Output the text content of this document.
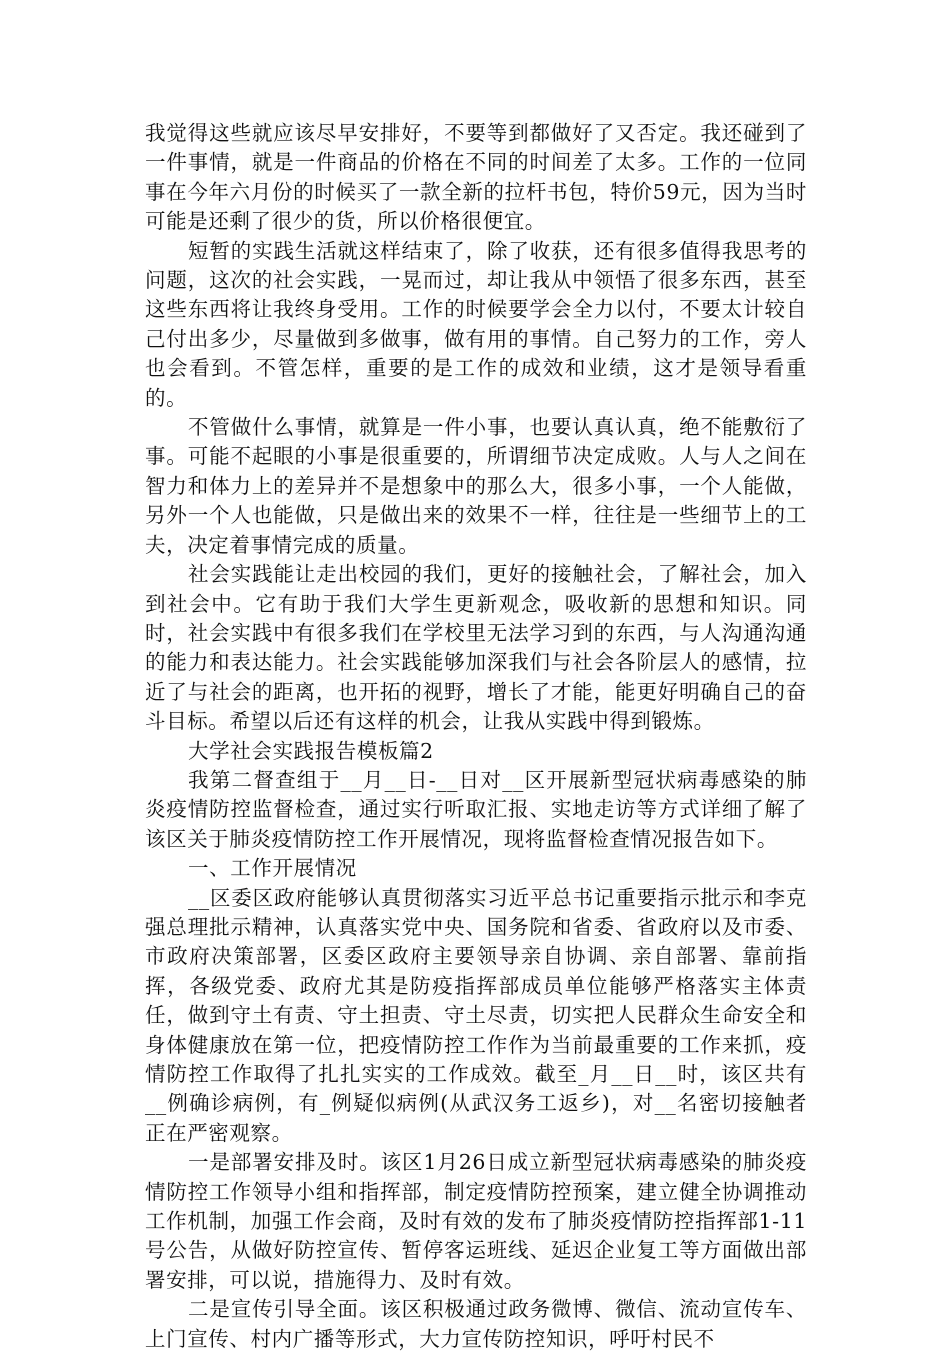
我觉得这些就应该尽早安排好，不要等到都做好了又否定。我还碰到了一件事情，就是一件商品的价格在不同的时间差了太多。工作的一位同事在今年六月份的时候买了一款全新的拉杆书包，特价59元，因为当时可能是还剩了很少的货，所以价格很便宜。

短暂的实践生活就这样结束了，除了收获，还有很多值得我思考的问题，这次的社会实践，一晃而过，却让我从中领悟了很多东西，甚至这些东西将让我终身受用。工作的时候要学会全力以付，不要太计较自己付出多少，尽量做到多做事，做有用的事情。自己努力的工作，旁人也会看到。不管怎样，重要的是工作的成效和业绩，这才是领导看重的。

不管做什么事情，就算是一件小事，也要认真认真，绝不能敷衍了事。可能不起眼的小事是很重要的，所谓细节决定成败。人与人之间在智力和体力上的差异并不是想象中的那么大，很多小事，一个人能做，另外一个人也能做，只是做出来的效果不一样，往往是一些细节上的工夫，决定着事情完成的质量。

社会实践能让走出校园的我们，更好的接触社会，了解社会，加入到社会中。它有助于我们大学生更新观念，吸收新的思想和知识。同时，社会实践中有很多我们在学校里无法学习到的东西，与人沟通沟通的能力和表达能力。社会实践能够加深我们与社会各阶层人的感情，拉近了与社会的距离，也开拓的视野，增长了才能，能更好明确自己的奋斗目标。希望以后还有这样的机会，让我从实践中得到锻炼。

大学社会实践报告模板篇2

我第二督查组于__月__日-__日对__区开展新型冠状病毒感染的肺炎疫情防控监督检查，通过实行听取汇报、实地走访等方式详细了解了该区关于肺炎疫情防控工作开展情况，现将监督检查情况报告如下。

一、工作开展情况

__区委区政府能够认真贯彻落实习近平总书记重要指示批示和李克强总理批示精神，认真落实党中央、国务院和省委、省政府以及市委、市政府决策部署，区委区政府主要领导亲自协调、亲自部署、靠前指挥，各级党委、政府尤其是防疫指挥部成员单位能够严格落实主体责任，做到守土有责、守土担责、守土尽责，切实把人民群众生命安全和身体健康放在第一位，把疫情防控工作作为当前最重要的工作来抓，疫情防控工作取得了扎扎实实的工作成效。截至_月__日__时，该区共有__例确诊病例，有_例疑似病例(从武汉务工返乡)，对__名密切接触者正在严密观察。

一是部署安排及时。该区1月26日成立新型冠状病毒感染的肺炎疫情防控工作领导小组和指挥部，制定疫情防控预案，建立健全协调推动工作机制，加强工作会商，及时有效的发布了肺炎疫情防控指挥部1-11号公告，从做好防控宣传、暂停客运班线、延迟企业复工等方面做出部署安排，可以说，措施得力、及时有效。

二是宣传引导全面。该区积极通过政务微博、微信、流动宣传车、上门宣传、村内广播等形式，大力宣传防控知识，呼吁村民不
